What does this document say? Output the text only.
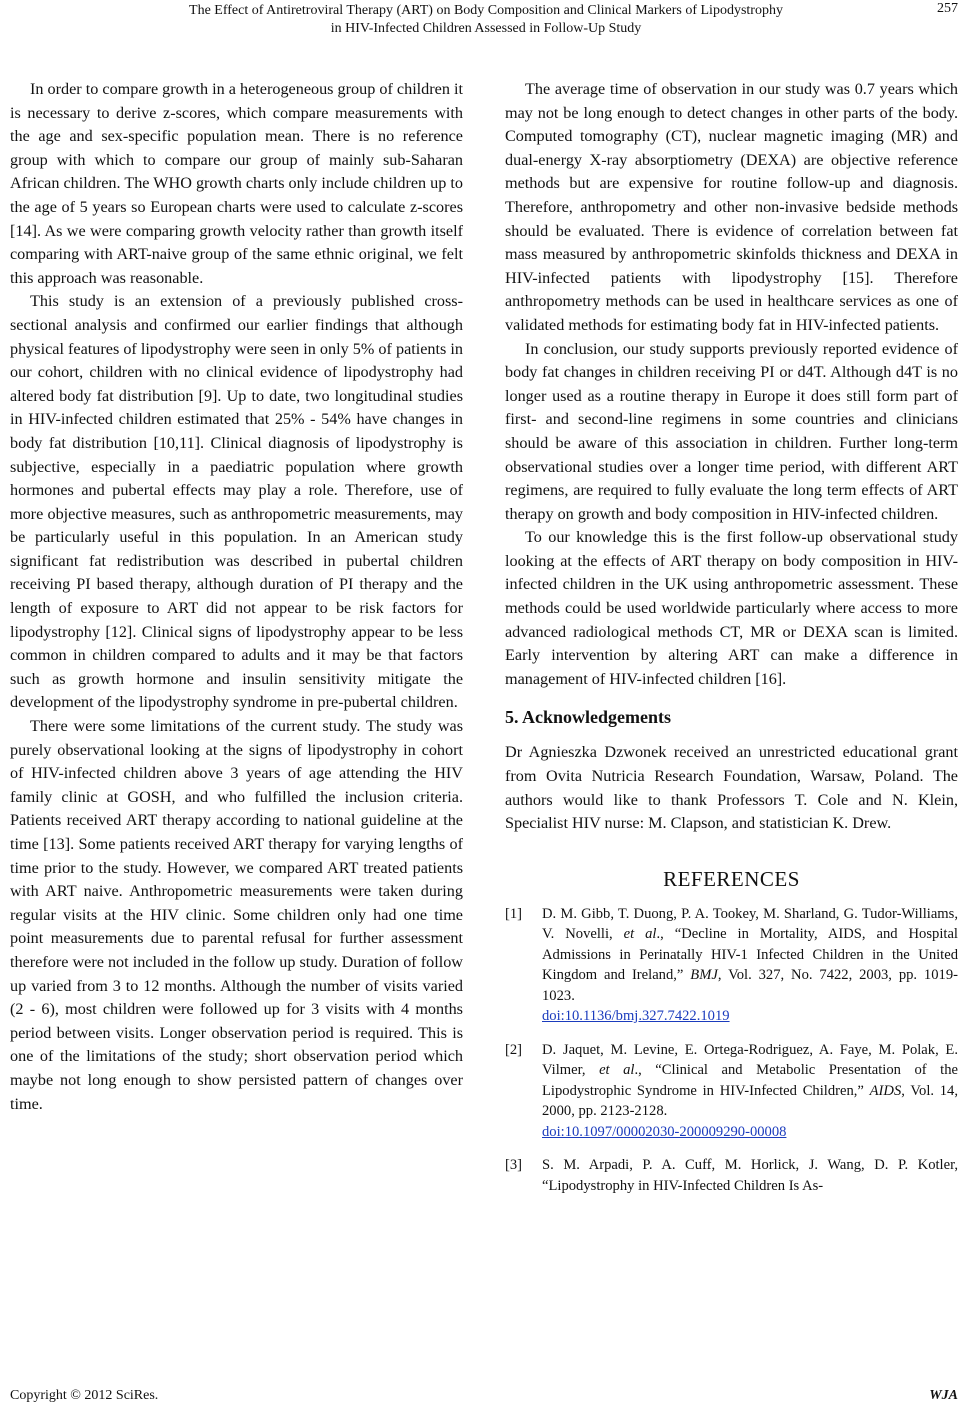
The Effect of Antiretroviral Therapy (ART) on Body Composition and Clinical Markers of Lipodystrophy
in HIV-Infected Children Assessed in Follow-Up Study
257

In order to compare growth in a heterogeneous group of children it is necessary to derive z-scores, which compare measurements with the age and sex-specific population mean. There is no reference group with which to compare our group of mainly sub-Saharan African children. The WHO growth charts only include children up to the age of 5 years so European charts were used to calculate z-scores [14]. As we were comparing growth velocity rather than growth itself comparing with ART-naive group of the same ethnic original, we felt this approach was reasonable.

This study is an extension of a previously published cross-sectional analysis and confirmed our earlier findings that although physical features of lipodystrophy were seen in only 5% of patients in our cohort, children with no clinical evidence of lipodystrophy had altered body fat distribution [9]. Up to date, two longitudinal studies in HIV-infected children estimated that 25% - 54% have changes in body fat distribution [10,11]. Clinical diagnosis of lipodystrophy is subjective, especially in a paediatric population where growth hormones and pubertal effects may play a role. Therefore, use of more objective measures, such as anthropometric measurements, may be particularly useful in this population. In an American study significant fat redistribution was described in pubertal children receiving PI based therapy, although duration of PI therapy and the length of exposure to ART did not appear to be risk factors for lipodystrophy [12]. Clinical signs of lipodystrophy appear to be less common in children compared to adults and it may be that factors such as growth hormone and insulin sensitivity mitigate the development of the lipodystrophy syndrome in pre-pubertal children.

There were some limitations of the current study. The study was purely observational looking at the signs of lipodystrophy in cohort of HIV-infected children above 3 years of age attending the HIV family clinic at GOSH, and who fulfilled the inclusion criteria. Patients received ART therapy according to national guideline at the time [13]. Some patients received ART therapy for varying lengths of time prior to the study. However, we compared ART treated patients with ART naive. Anthropometric measurements were taken during regular visits at the HIV clinic. Some children only had one time point measurements due to parental refusal for further assessment therefore were not included in the follow up study. Duration of follow up varied from 3 to 12 months. Although the number of visits varied (2 - 6), most children were followed up for 3 visits with 4 months period between visits. Longer observation period is required. This is one of the limitations of the study; short observation period which maybe not long enough to show persisted pattern of changes over time.

The average time of observation in our study was 0.7 years which may not be long enough to detect changes in other parts of the body. Computed tomography (CT), nuclear magnetic imaging (MR) and dual-energy X-ray absorptiometry (DEXA) are objective reference methods but are expensive for routine follow-up and diagnosis. Therefore, anthropometry and other non-invasive bedside methods should be evaluated. There is evidence of correlation between fat mass measured by anthropometric skinfolds thickness and DEXA in HIV-infected patients with lipodystrophy [15]. Therefore anthropometry methods can be used in healthcare services as one of validated methods for estimating body fat in HIV-infected patients.

In conclusion, our study supports previously reported evidence of body fat changes in children receiving PI or d4T. Although d4T is no longer used as a routine therapy in Europe it does still form part of first- and second-line regimens in some countries and clinicians should be aware of this association in children. Further long-term observational studies over a longer time period, with different ART regimens, are required to fully evaluate the long term effects of ART therapy on growth and body composition in HIV-infected children.

To our knowledge this is the first follow-up observational study looking at the effects of ART therapy on body composition in HIV-infected children in the UK using anthropometric assessment. These methods could be used worldwide particularly where access to more advanced radiological methods CT, MR or DEXA scan is limited. Early intervention by altering ART can make a difference in management of HIV-infected children [16].

5. Acknowledgements

Dr Agnieszka Dzwonek received an unrestricted educational grant from Ovita Nutricia Research Foundation, Warsaw, Poland. The authors would like to thank Professors T. Cole and N. Klein, Specialist HIV nurse: M. Clapson, and statistician K. Drew.

REFERENCES
[1] D. M. Gibb, T. Duong, P. A. Tookey, M. Sharland, G. Tudor-Williams, V. Novelli, et al., “Decline in Mortality, AIDS, and Hospital Admissions in Perinatally HIV-1 Infected Children in the United Kingdom and Ireland,” BMJ, Vol. 327, No. 7422, 2003, pp. 1019-1023.
doi:10.1136/bmj.327.7422.1019
[2] D. Jaquet, M. Levine, E. Ortega-Rodriguez, A. Faye, M. Polak, E. Vilmer, et al., “Clinical and Metabolic Presentation of the Lipodystrophic Syndrome in HIV-Infected Children,” AIDS, Vol. 14, 2000, pp. 2123-2128.
doi:10.1097/00002030-200009290-00008
[3] S. M. Arpadi, P. A. Cuff, M. Horlick, J. Wang, D. P. Kotler, “Lipodystrophy in HIV-Infected Children Is As-
Copyright © 2012 SciRes.	WJA
